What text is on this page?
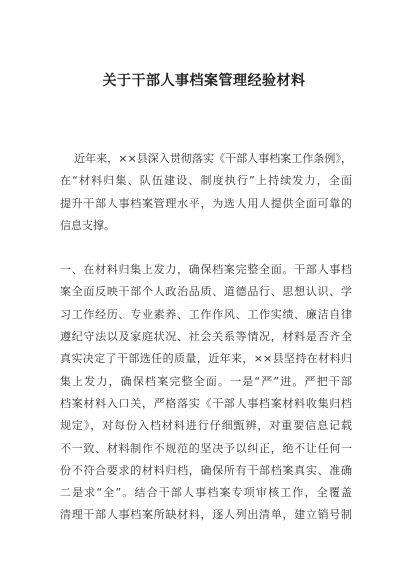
关于干部人事档案管理经验材料
近年来，××县深入贯彻落实《干部人事档案工作条例》，
在“材料归集、队伍建设、制度执行”上持续发力，全面
提升干部人事档案管理水平，为选人用人提供全面可靠的
信息支撑。
一、在材料归集上发力，确保档案完整全面。干部人事档
案全面反映干部个人政治品质、道德品行、思想认识、学
习工作经历、专业素养、工作作风、工作实绩、廉洁自律
遵纪守法以及家庭状况、社会关系等情况，材料是否齐全
真实决定了干部选任的质量，近年来，××县坚持在材料归
集上发力，确保档案完整全面。一是“严”进。严把干部
档案材料入口关，严格落实《干部人事档案材料收集归档
规定》，对每份入档材料进行仔细甄辨，对重要信息记载
不一致、材料制作不规范的坚决予以纠正，绝不让任何一
份不符合要求的材料归档，确保所有干部档案真实、准确
二是求“全”。结合干部人事档案专项审核工作，全覆盖
清理干部人事档案所缺材料，逐人列出清单，建立销号制
